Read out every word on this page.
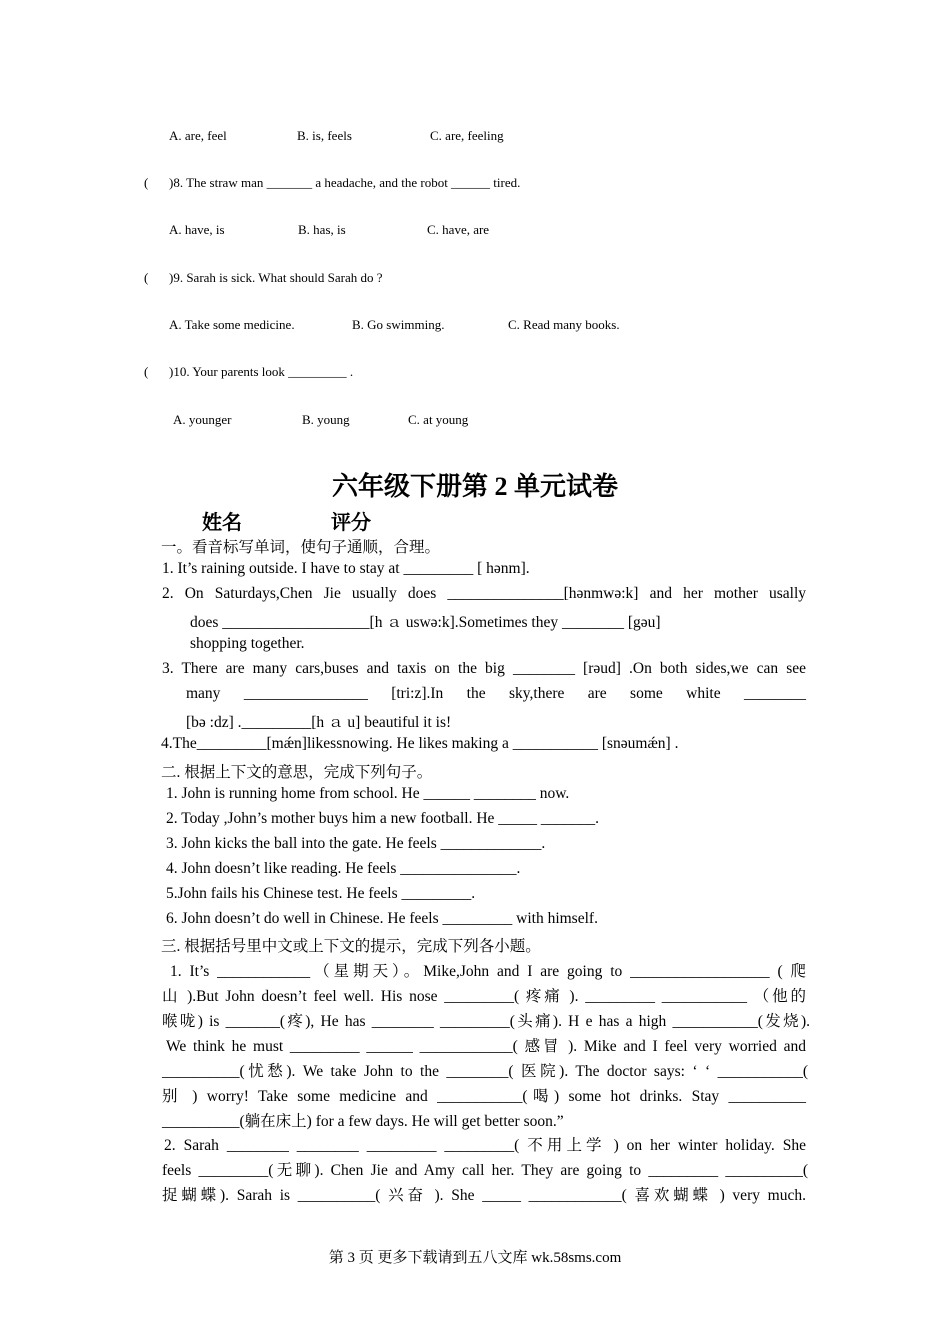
A. are, feel	B. is, feels	C. are, feeling
( )8. The straw man _______ a headache, and the robot ______ tired.
A. have, is	B. has, is	C. have, are
( )9. Sarah is sick. What should Sarah do ?
A. Take some medicine.	B. Go swimming.	C. Read many books.
( )10. Your parents look _________ .
A. younger	B. young	C. at young
六年级下册第 2 单元试卷
姓名	评分
一。看音标写单词，使句子通顺，合理。
1. It’s raining outside. I have to stay at _________ [ hənm].
2. On Saturdays,Chen Jie usually does _______________[hənmwə:k] and her mother usally
does ___________________[h ａ uswə:k].Sometimes they ________ [gəu]
shopping together.
3. There are many cars,buses and taxis on the big ________ [rəud] .On both sides,we can see
many ________________ [tri:z].In the sky,there are some white ________
[bə :dz] ._________[h ａ u] beautiful it is!
4.The_________[mǽn]likessnowing. He likes making a ___________ [snəumǽn] .
二. 根据上下文的意思，完成下列句子。
1. John is running home from school. He ______ ________ now.
2. Today ,John’s mother buys him a new football. He _____ _______.
3. John kicks the ball into the gate. He feels _____________.
4. John doesn’t like reading. He feels _______________.
5.John fails his Chinese test. He feels _________.
6. John doesn’t do well in Chinese. He feels _________ with himself.
三. 根据括号里中文或上下文的提示，完成下列各小题。
1. It’s ____________（星期天）。Mike,John and I are going to __________________ ( 爬
山 ).But John doesn’t feel well. His nose _________( 疼痛 ). _________ ___________ （他的
喉咙) is _______(疼), He has ________ _________(头痛). H e has a high ___________(发烧).
We think he must _________ ______ ____________( 感冒 ). Mike and I feel very worried and
__________(忧愁). We take John to the ________( 医院). The doctor says: ‘ ‘ ___________(
别 ) worry! Take some medicine and ___________(喝) some hot drinks. Stay __________
__________(躺在床上) for a few days. He will get better soon.”
2. Sarah ________ ________ _________ _________( 不用上学 ) on her winter holiday. She
feels _________(无聊). Chen Jie and Amy call her. They are going to _________ __________(
捉蝴蝶). Sarah is __________( 兴奋 ). She _____ ____________( 喜欢蝴蝶 ) very much.
第 3 页 更多下载请到五八文库 wk.58sms.com
